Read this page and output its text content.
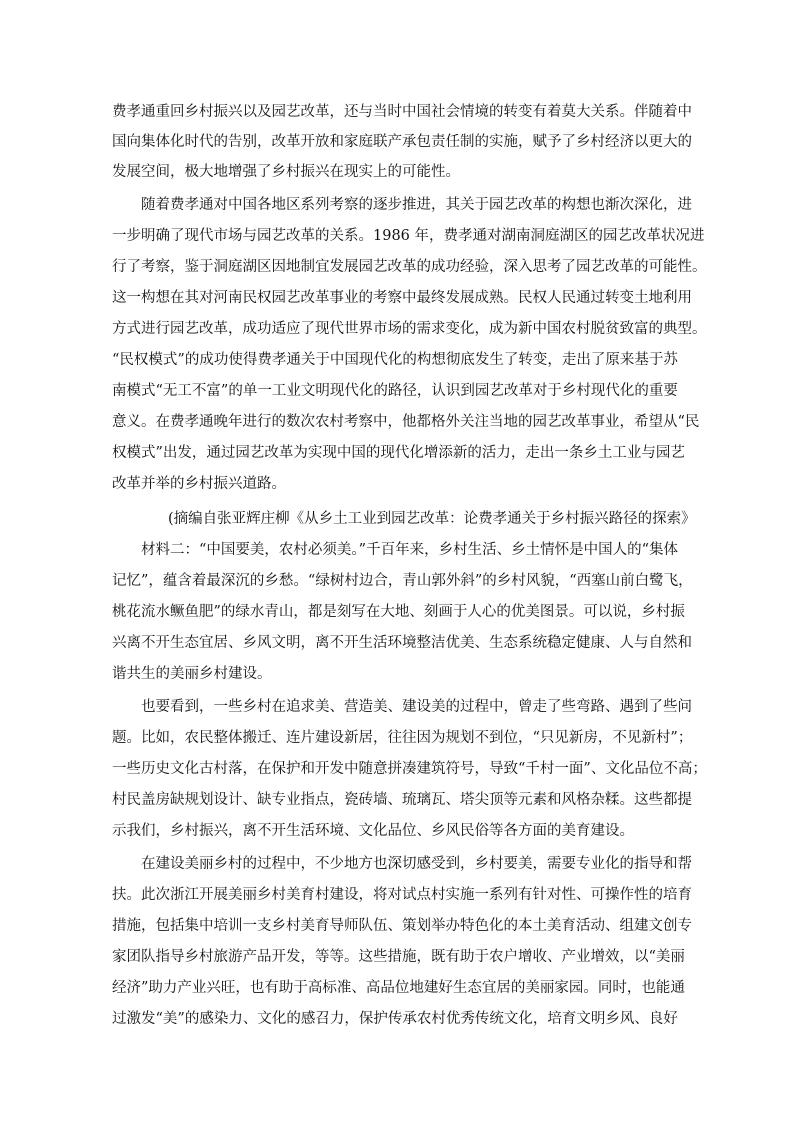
费孝通重回乡村振兴以及园艺改革，还与当时中国社会情境的转变有着莫大关系。伴随着中
国向集体化时代的告别，改革开放和家庭联产承包责任制的实施，赋予了乡村经济以更大的
发展空间，极大地增强了乡村振兴在现实上的可能性。
随着费孝通对中国各地区系列考察的逐步推进，其关于园艺改革的构想也渐次深化，进
一步明确了现代市场与园艺改革的关系。1986 年，费孝通对湖南洞庭湖区的园艺改革状况进
行了考察，鉴于洞庭湖区因地制宜发展园艺改革的成功经验，深入思考了园艺改革的可能性。
这一构想在其对河南民权园艺改革事业的考察中最终发展成熟。民权人民通过转变土地利用
方式进行园艺改革，成功适应了现代世界市场的需求变化，成为新中国农村脱贫致富的典型。
“民权模式”的成功使得费孝通关于中国现代化的构想彻底发生了转变，走出了原来基于苏
南模式“无工不富”的单一工业文明现代化的路径，认识到园艺改革对于乡村现代化的重要
意义。在费孝通晚年进行的数次农村考察中，他都格外关注当地的园艺改革事业，希望从“民
权模式”出发，通过园艺改革为实现中国的现代化增添新的活力，走出一条乡土工业与园艺
改革并举的乡村振兴道路。
(摘编自张亚辉庄柳《从乡土工业到园艺改革：论费孝通关于乡村振兴路径的探索》
材料二：“中国要美，农村必须美。”千百年来，乡村生活、乡土情怀是中国人的“集体
记忆”，蕴含着最深沉的乡愁。“绿树村边合，青山郭外斜”的乡村风貌，“西塞山前白鹭飞，
桃花流水鳜鱼肥”的绿水青山，都是刻写在大地、刻画于人心的优美图景。可以说，乡村振
兴离不开生态宜居、乡风文明，离不开生活环境整洁优美、生态系统稳定健康、人与自然和
谐共生的美丽乡村建设。
也要看到，一些乡村在追求美、营造美、建设美的过程中，曾走了些弯路、遇到了些问
题。比如，农民整体搬迁、连片建设新居，往往因为规划不到位，“只见新房，不见新村”；
一些历史文化古村落，在保护和开发中随意拼凑建筑符号，导致“千村一面”、文化品位不高；
村民盖房缺规划设计、缺专业指点，瓷砖墙、琉璃瓦、塔尖顶等元素和风格杂糅。这些都提
示我们，乡村振兴，离不开生活环境、文化品位、乡风民俗等各方面的美育建设。
在建设美丽乡村的过程中，不少地方也深切感受到，乡村要美，需要专业化的指导和帮
扶。此次浙江开展美丽乡村美育村建设，将对试点村实施一系列有针对性、可操作性的培育
措施，包括集中培训一支乡村美育导师队伍、策划举办特色化的本土美育活动、组建文创专
家团队指导乡村旅游产品开发，等等。这些措施，既有助于农户增收、产业增效，以“美丽
经济”助力产业兴旺，也有助于高标准、高品位地建好生态宜居的美丽家园。同时，也能通
过激发“美”的感染力、文化的感召力，保护传承农村优秀传统文化，培育文明乡风、良好
